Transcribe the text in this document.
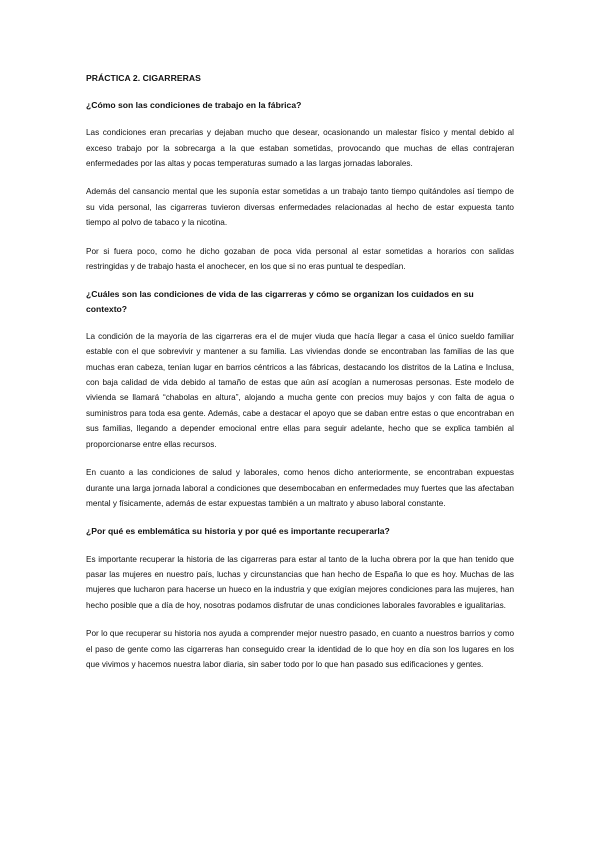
PRÁCTICA 2. CIGARRERAS
¿Cómo son las condiciones de trabajo en la fábrica?

Las condiciones eran precarias y dejaban mucho que desear, ocasionando un malestar físico y mental debido al exceso trabajo por la sobrecarga a la que estaban sometidas, provocando que muchas de ellas contrajeran enfermedades por las altas y pocas temperaturas sumado a las largas jornadas laborales.

Además del cansancio mental que les suponía estar sometidas a un trabajo tanto tiempo quitándoles así tiempo de su vida personal, las cigarreras tuvieron diversas enfermedades relacionadas al hecho de estar expuesta tanto tiempo al polvo de tabaco y la nicotina.

Por si fuera poco, como he dicho gozaban de poca vida personal al estar sometidas a horarios con salidas restringidas y de trabajo hasta el anochecer, en los que si no eras puntual te despedían.

¿Cuáles son las condiciones de vida de las cigarreras y cómo se organizan los cuidados en su contexto?

La condición de la mayoría de las cigarreras era el de mujer viuda que hacía llegar a casa el único sueldo familiar estable con el que sobrevivir y mantener a su familia. Las viviendas donde se encontraban las familias de las que muchas eran cabeza, tenían lugar en barrios céntricos a las fábricas, destacando los distritos de la Latina e Inclusa, con baja calidad de vida debido al tamaño de estas que aún así acogían a numerosas personas. Este modelo de vivienda se llamará “chabolas en altura”, alojando a mucha gente con precios muy bajos y con falta de agua o suministros para toda esa gente. Además, cabe a destacar el apoyo que se daban entre estas o que encontraban en sus familias, llegando a depender emocional entre ellas para seguir adelante, hecho que se explica también al proporcionarse entre ellas recursos.

En cuanto a las condiciones de salud y laborales, como henos dicho anteriormente, se encontraban expuestas durante una larga jornada laboral a condiciones que desembocaban en enfermedades muy fuertes que las afectaban mental y físicamente, además de estar expuestas también a un maltrato y abuso laboral constante.

¿Por qué es emblemática su historia y por qué es importante recuperarla?

Es importante recuperar la historia de las cigarreras para estar al tanto de la lucha obrera por la que han tenido que pasar las mujeres en nuestro país, luchas y circunstancias que han hecho de España lo que es hoy. Muchas de las mujeres que lucharon para hacerse un hueco en la industria y que exigían mejores condiciones para las mujeres, han hecho posible que a día de hoy, nosotras podamos disfrutar de unas condiciones laborales favorables e igualitarias.

Por lo que recuperar su historia nos ayuda a comprender mejor nuestro pasado, en cuanto a nuestros barrios y como el paso de gente como las cigarreras han conseguido crear la identidad de lo que hoy en día son los lugares en los que vivimos y hacemos nuestra labor diaria, sin saber todo por lo que han pasado sus edificaciones y gentes.
